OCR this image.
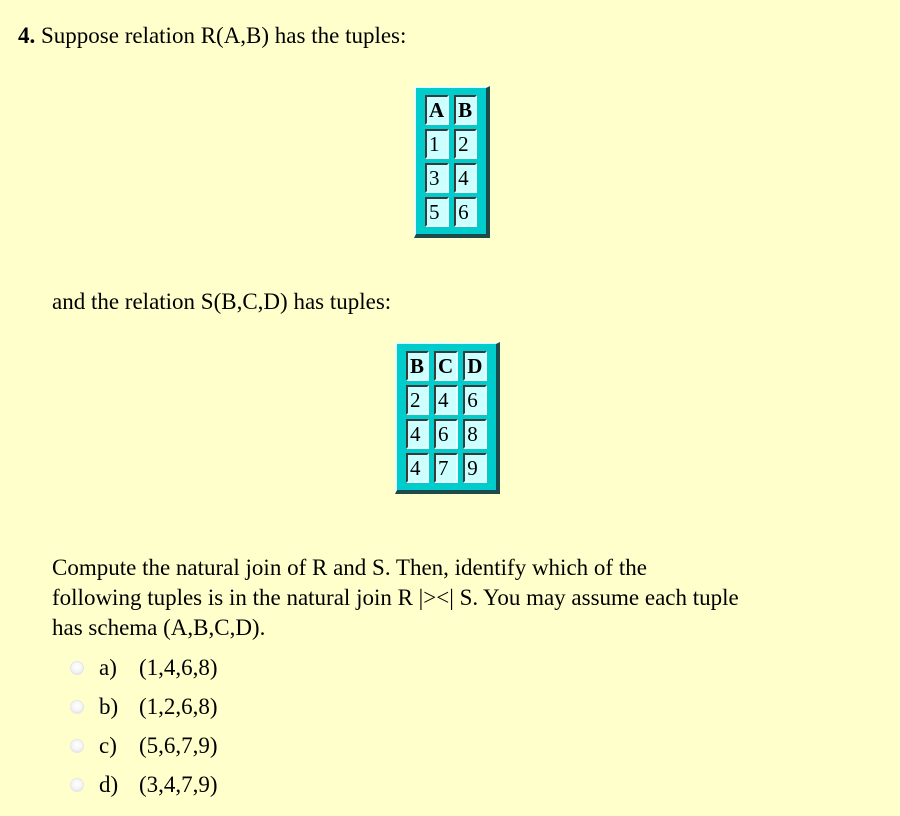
4. Suppose relation R(A,B) has the tuples:
A	B
1	2
3	4
5	6
and the relation S(B,C,D) has tuples:
B	C	D
2	4	6
4	6	8
4	7	9
Compute the natural join of R and S. Then, identify which of the
following tuples is in the natural join R |><| S. You may assume each tuple
has schema (A,B,C,D).
a) (1,4,6,8)
b) (1,2,6,8)
c) (5,6,7,9)
d) (3,4,7,9)
